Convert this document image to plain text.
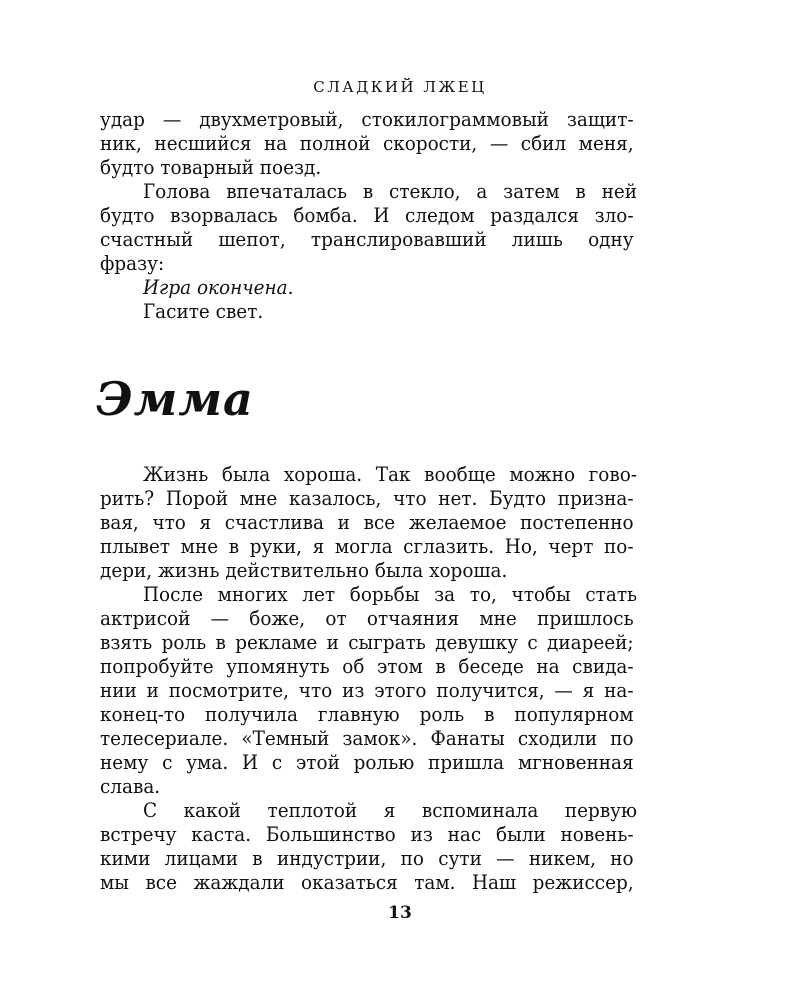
СЛАДКИЙ ЛЖЕЦ
удар — двухметровый, стокилограммовый защит-
ник, несшийся на полной скорости, — сбил меня,
будто товарный поезд.
Голова впечаталась в стекло, а затем в ней
будто взорвалась бомба. И следом раздался зло-
счастный шепот, транслировавший лишь одну
фразу:
Игра окончена.
Гасите свет.
Эмма
Жизнь была хороша. Так вообще можно гово-
рить? Порой мне казалось, что нет. Будто призна-
вая, что я счастлива и все желаемое постепенно
плывет мне в руки, я могла сглазить. Но, черт по-
дери, жизнь действительно была хороша.
После многих лет борьбы за то, чтобы стать
актрисой — боже, от отчаяния мне пришлось
взять роль в рекламе и сыграть девушку с диареей;
попробуйте упомянуть об этом в беседе на свида-
нии и посмотрите, что из этого получится, — я на-
конец-то получила главную роль в популярном
телесериале. «Темный замок». Фанаты сходили по
нему с ума. И с этой ролью пришла мгновенная
слава.
С какой теплотой я вспоминала первую
встречу каста. Большинство из нас были новень-
кими лицами в индустрии, по сути — никем, но
мы все жаждали оказаться там. Наш режиссер,
13
